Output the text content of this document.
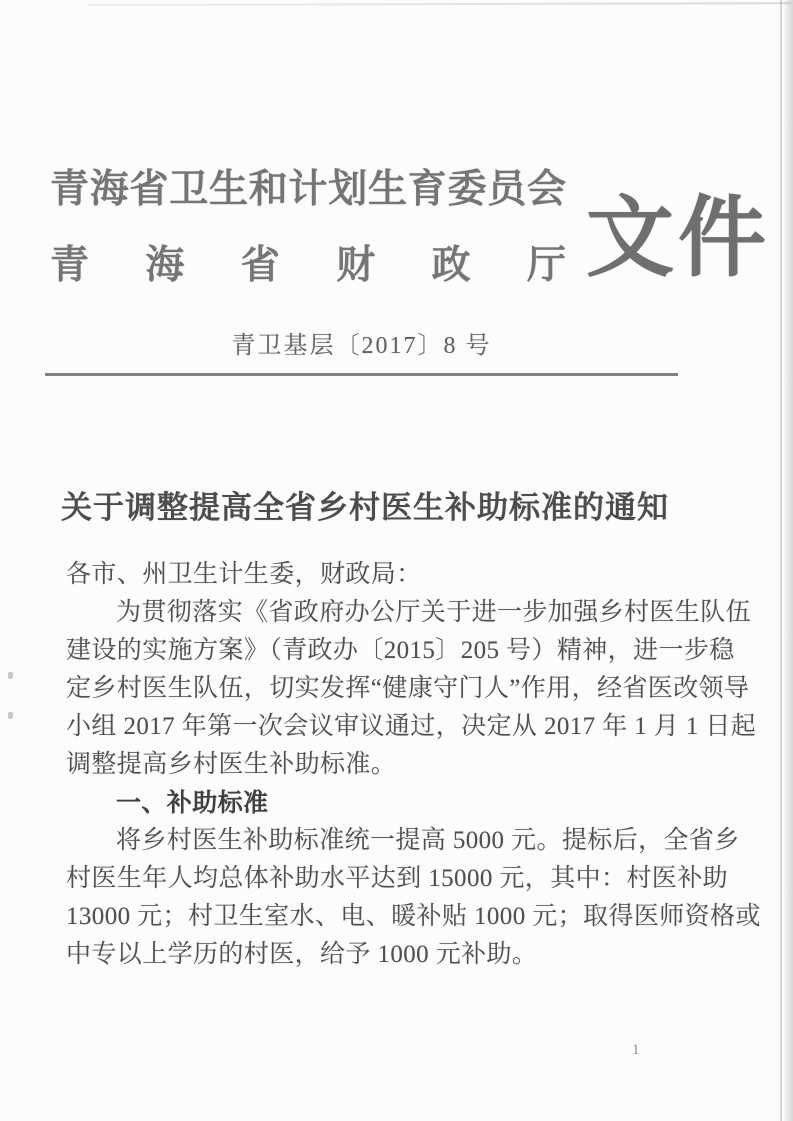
青海省卫生和计划生育委员会
青海省财政厅 文件
青卫基层〔2017〕8 号
关于调整提高全省乡村医生补助标准的通知
各市、州卫生计生委，财政局：
为贯彻落实《省政府办公厅关于进一步加强乡村医生队伍
建设的实施方案》（青政办〔2015〕205 号）精神，进一步稳
定乡村医生队伍，切实发挥“健康守门人”作用，经省医改领导
小组 2017 年第一次会议审议通过，决定从 2017 年 1 月 1 日起
调整提高乡村医生补助标准。
一、补助标准
将乡村医生补助标准统一提高 5000 元。提标后，全省乡
村医生年人均总体补助水平达到 15000 元，其中：村医补助
13000 元；村卫生室水、电、暖补贴 1000 元；取得医师资格或
中专以上学历的村医，给予 1000 元补助。
1
